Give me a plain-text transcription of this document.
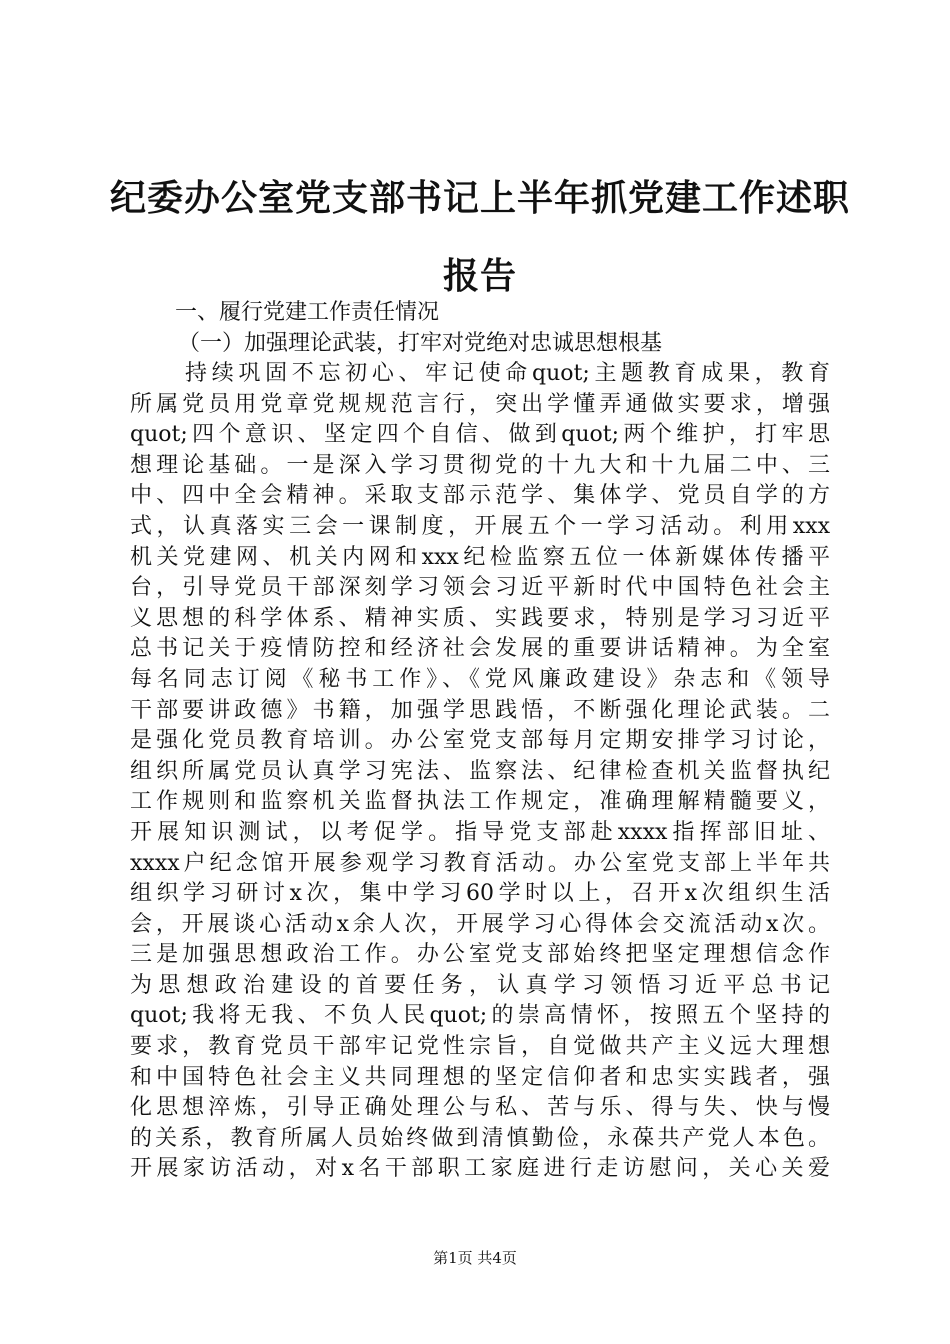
纪委办公室党支部书记上半年抓党建工作述职
报告

一、履行党建工作责任情况

（一）加强理论武装，打牢对党绝对忠诚思想根基

持续巩固不忘初心、牢记使命quot;主题教育成果，教育
所属党员用党章党规规范言行，突出学懂弄通做实要求，增强
quot;四个意识、坚定四个自信、做到quot;两个维护，打牢思
想理论基础。一是深入学习贯彻党的十九大和十九届二中、三
中、四中全会精神。采取支部示范学、集体学、党员自学的方
式，认真落实三会一课制度，开展五个一学习活动。利用xxx
机关党建网、机关内网和xxx纪检监察五位一体新媒体传播平
台，引导党员干部深刻学习领会习近平新时代中国特色社会主
义思想的科学体系、精神实质、实践要求，特别是学习习近平
总书记关于疫情防控和经济社会发展的重要讲话精神。为全室
每名同志订阅《秘书工作》、《党风廉政建设》杂志和《领导
干部要讲政德》书籍，加强学思践悟，不断强化理论武装。二
是强化党员教育培训。办公室党支部每月定期安排学习讨论，
组织所属党员认真学习宪法、监察法、纪律检查机关监督执纪
工作规则和监察机关监督执法工作规定，准确理解精髓要义，
开展知识测试，以考促学。指导党支部赴xxxx指挥部旧址、
xxxx户纪念馆开展参观学习教育活动。办公室党支部上半年共
组织学习研讨x次，集中学习60学时以上，召开x次组织生活
会，开展谈心活动x余人次，开展学习心得体会交流活动x次。
三是加强思想政治工作。办公室党支部始终把坚定理想信念作
为思想政治建设的首要任务，认真学习领悟习近平总书记
quot;我将无我、不负人民quot;的崇高情怀，按照五个坚持的
要求，教育党员干部牢记党性宗旨，自觉做共产主义远大理想
和中国特色社会主义共同理想的坚定信仰者和忠实实践者，强
化思想淬炼，引导正确处理公与私、苦与乐、得与失、快与慢
的关系，教育所属人员始终做到清慎勤俭，永葆共产党人本色。
开展家访活动，对x名干部职工家庭进行走访慰问，关心关爱

第1页 共4页
